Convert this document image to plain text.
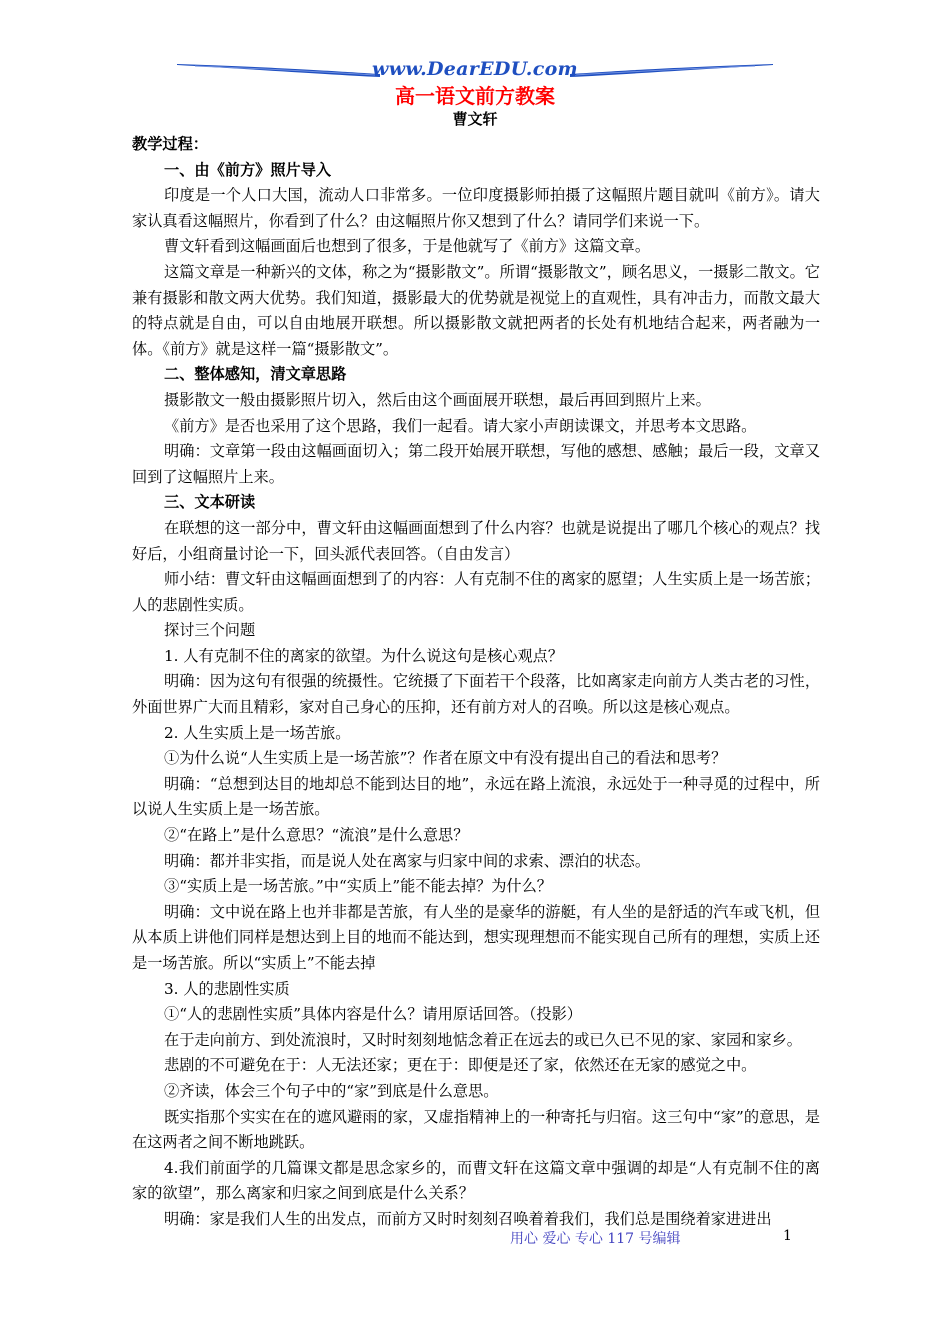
www.DearEDU.com
高一语文前方教案
曹文轩

教学过程：

一、由《前方》照片导入

印度是一个人口大国，流动人口非常多。一位印度摄影师拍摄了这幅照片题目就叫《前方》。请大家认真看这幅照片，你看到了什么？由这幅照片你又想到了什么？请同学们来说一下。

曹文轩看到这幅画面后也想到了很多，于是他就写了《前方》这篇文章。

这篇文章是一种新兴的文体，称之为“摄影散文”。所谓“摄影散文”，顾名思义，一摄影二散文。它兼有摄影和散文两大优势。我们知道，摄影最大的优势就是视觉上的直观性，具有冲击力，而散文最大的特点就是自由，可以自由地展开联想。所以摄影散文就把两者的长处有机地结合起来，两者融为一体。《前方》就是这样一篇“摄影散文”。

二、整体感知，清文章思路

摄影散文一般由摄影照片切入，然后由这个画面展开联想，最后再回到照片上来。

《前方》是否也采用了这个思路，我们一起看。请大家小声朗读课文，并思考本文思路。

明确：文章第一段由这幅画面切入；第二段开始展开联想，写他的感想、感触；最后一段，文章又回到了这幅照片上来。

三、文本研读

在联想的这一部分中，曹文轩由这幅画面想到了什么内容？也就是说提出了哪几个核心的观点？找好后，小组商量讨论一下，回头派代表回答。（自由发言）

师小结：曹文轩由这幅画面想到了的内容：人有克制不住的离家的愿望；人生实质上是一场苦旅；人的悲剧性实质。

探讨三个问题

1. 人有克制不住的离家的欲望。为什么说这句是核心观点？

明确：因为这句有很强的统摄性。它统摄了下面若干个段落，比如离家走向前方人类古老的习性，外面世界广大而且精彩，家对自己身心的压抑，还有前方对人的召唤。所以这是核心观点。

2. 人生实质上是一场苦旅。

①为什么说“人生实质上是一场苦旅”？作者在原文中有没有提出自己的看法和思考？

明确：“总想到达目的地却总不能到达目的地”，永远在路上流浪，永远处于一种寻觅的过程中，所以说人生实质上是一场苦旅。

②“在路上”是什么意思？“流浪”是什么意思？

明确：都并非实指，而是说人处在离家与归家中间的求索、漂泊的状态。

③“实质上是一场苦旅。”中“实质上”能不能去掉？为什么？

明确：文中说在路上也并非都是苦旅，有人坐的是豪华的游艇，有人坐的是舒适的汽车或飞机，但从本质上讲他们同样是想达到上目的地而不能达到，想实现理想而不能实现自己所有的理想，实质上还是一场苦旅。所以“实质上”不能去掉

3. 人的悲剧性实质

①“人的悲剧性实质”具体内容是什么？请用原话回答。（投影）

在于走向前方、到处流浪时，又时时刻刻地惦念着正在远去的或已久已不见的家、家园和家乡。

悲剧的不可避免在于：人无法还家；更在于：即便是还了家，依然还在无家的感觉之中。

②齐读，体会三个句子中的“家”到底是什么意思。

既实指那个实实在在的遮风避雨的家，又虚指精神上的一种寄托与归宿。这三句中“家”的意思，是在这两者之间不断地跳跃。

4.我们前面学的几篇课文都是思念家乡的，而曹文轩在这篇文章中强调的却是“人有克制不住的离家的欲望”，那么离家和归家之间到底是什么关系？

明确：家是我们人生的出发点，而前方又时时刻刻召唤着着我们，我们总是围绕着家进进出

用心 爱心 专心 117 号编辑	1
